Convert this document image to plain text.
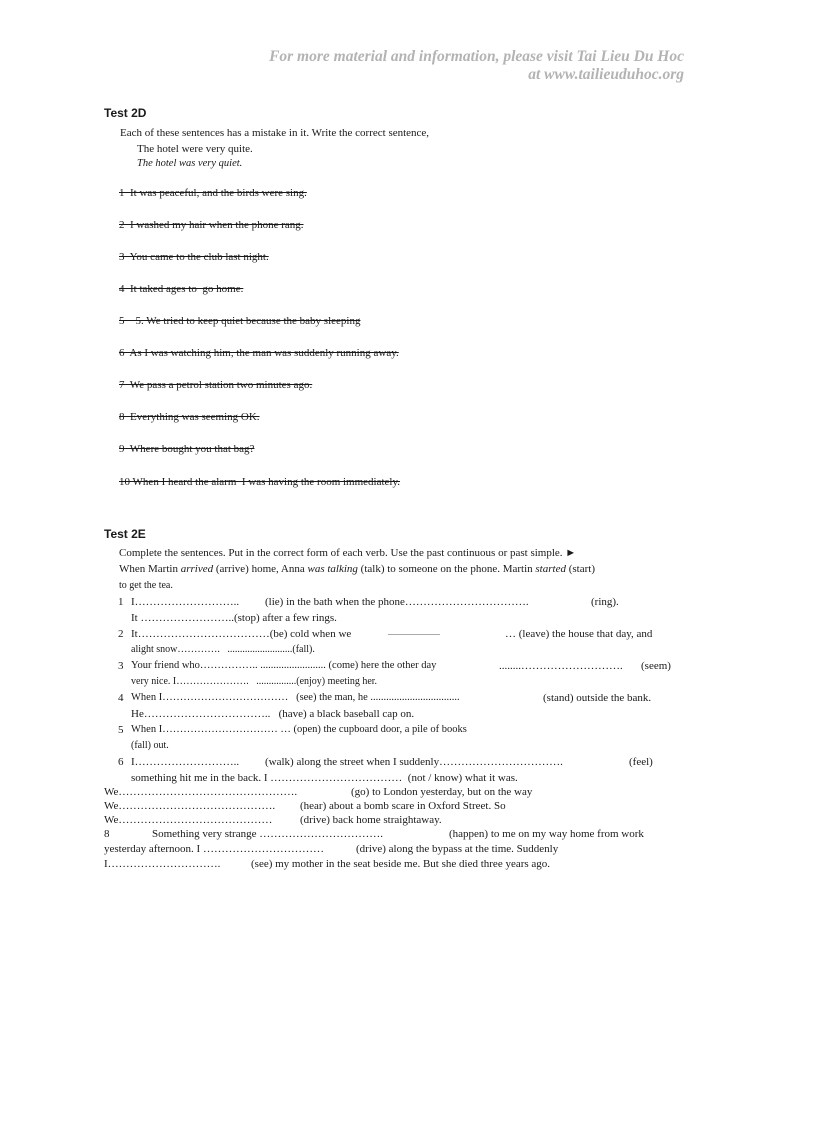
For more material and information, please visit Tai Lieu Du Hoc
at www.tailieuduhoc.org
Test 2D
Each of these sentences has a mistake in it. Write the correct sentence,
The hotel were very quite.
The hotel was very quiet.
1  It was peaceful, and the birds were sing.
2  I washed my hair when the phone rang.
3  You came to the club last night.
4  It taked ages to  go home.
5    5. We tried to keep quiet because the baby sleeping
6  As I was watching him, the man was suddenly running away.
7  We pass a petrol station two minutes ago.
8  Everything was seeming OK.
9  Where bought you that bag?
10 When I heard the alarm  I was having the room immediately.
Test 2E
Complete the sentences. Put in the correct form of each verb. Use the past continuous or past simple. ►
When Martin arrived (arrive) home, Anna was talking (talk) to someone on the phone. Martin started (start)
to get the tea.
1 I……………………….. (lie) in the bath when the phone…………………………….	(ring).
It ……………………..(stop) after a few rings.
2 It………………………………(be) cold when we	..........................	… (leave) the house that day, and
alight snow………….   ..........................(fall).
3 Your friend who…………….. ......................... (come) here the other day	........………………………. (seem)
very nice. I………………….   ................(enjoy) meeting her.
4 When I………………………………   (see) the man, he ..................................	(stand) outside the bank.
He……………………………..   (have) a black baseball cap on.
5 When I…………………………… … (open) the cupboard door, a pile of books
(fall) out.
6 I……………………….. (walk) along the street when I suddenly…………………………….	(feel)
something hit me in the back. I ………………………………  (not / know) what it was.
We………………………………………….	(go) to London yesterday, but on the way
We……………………………………. (hear) about a bomb scare in Oxford Street. So
We……………………………………	(drive) back home straightaway.
8	Something very strange …………………………….	(happen) to me on my way home from work
yesterday afternoon. I ……………………………	(drive) along the bypass at the time. Suddenly
I………………………….	(see) my mother in the seat beside me. But she died three years ago.
